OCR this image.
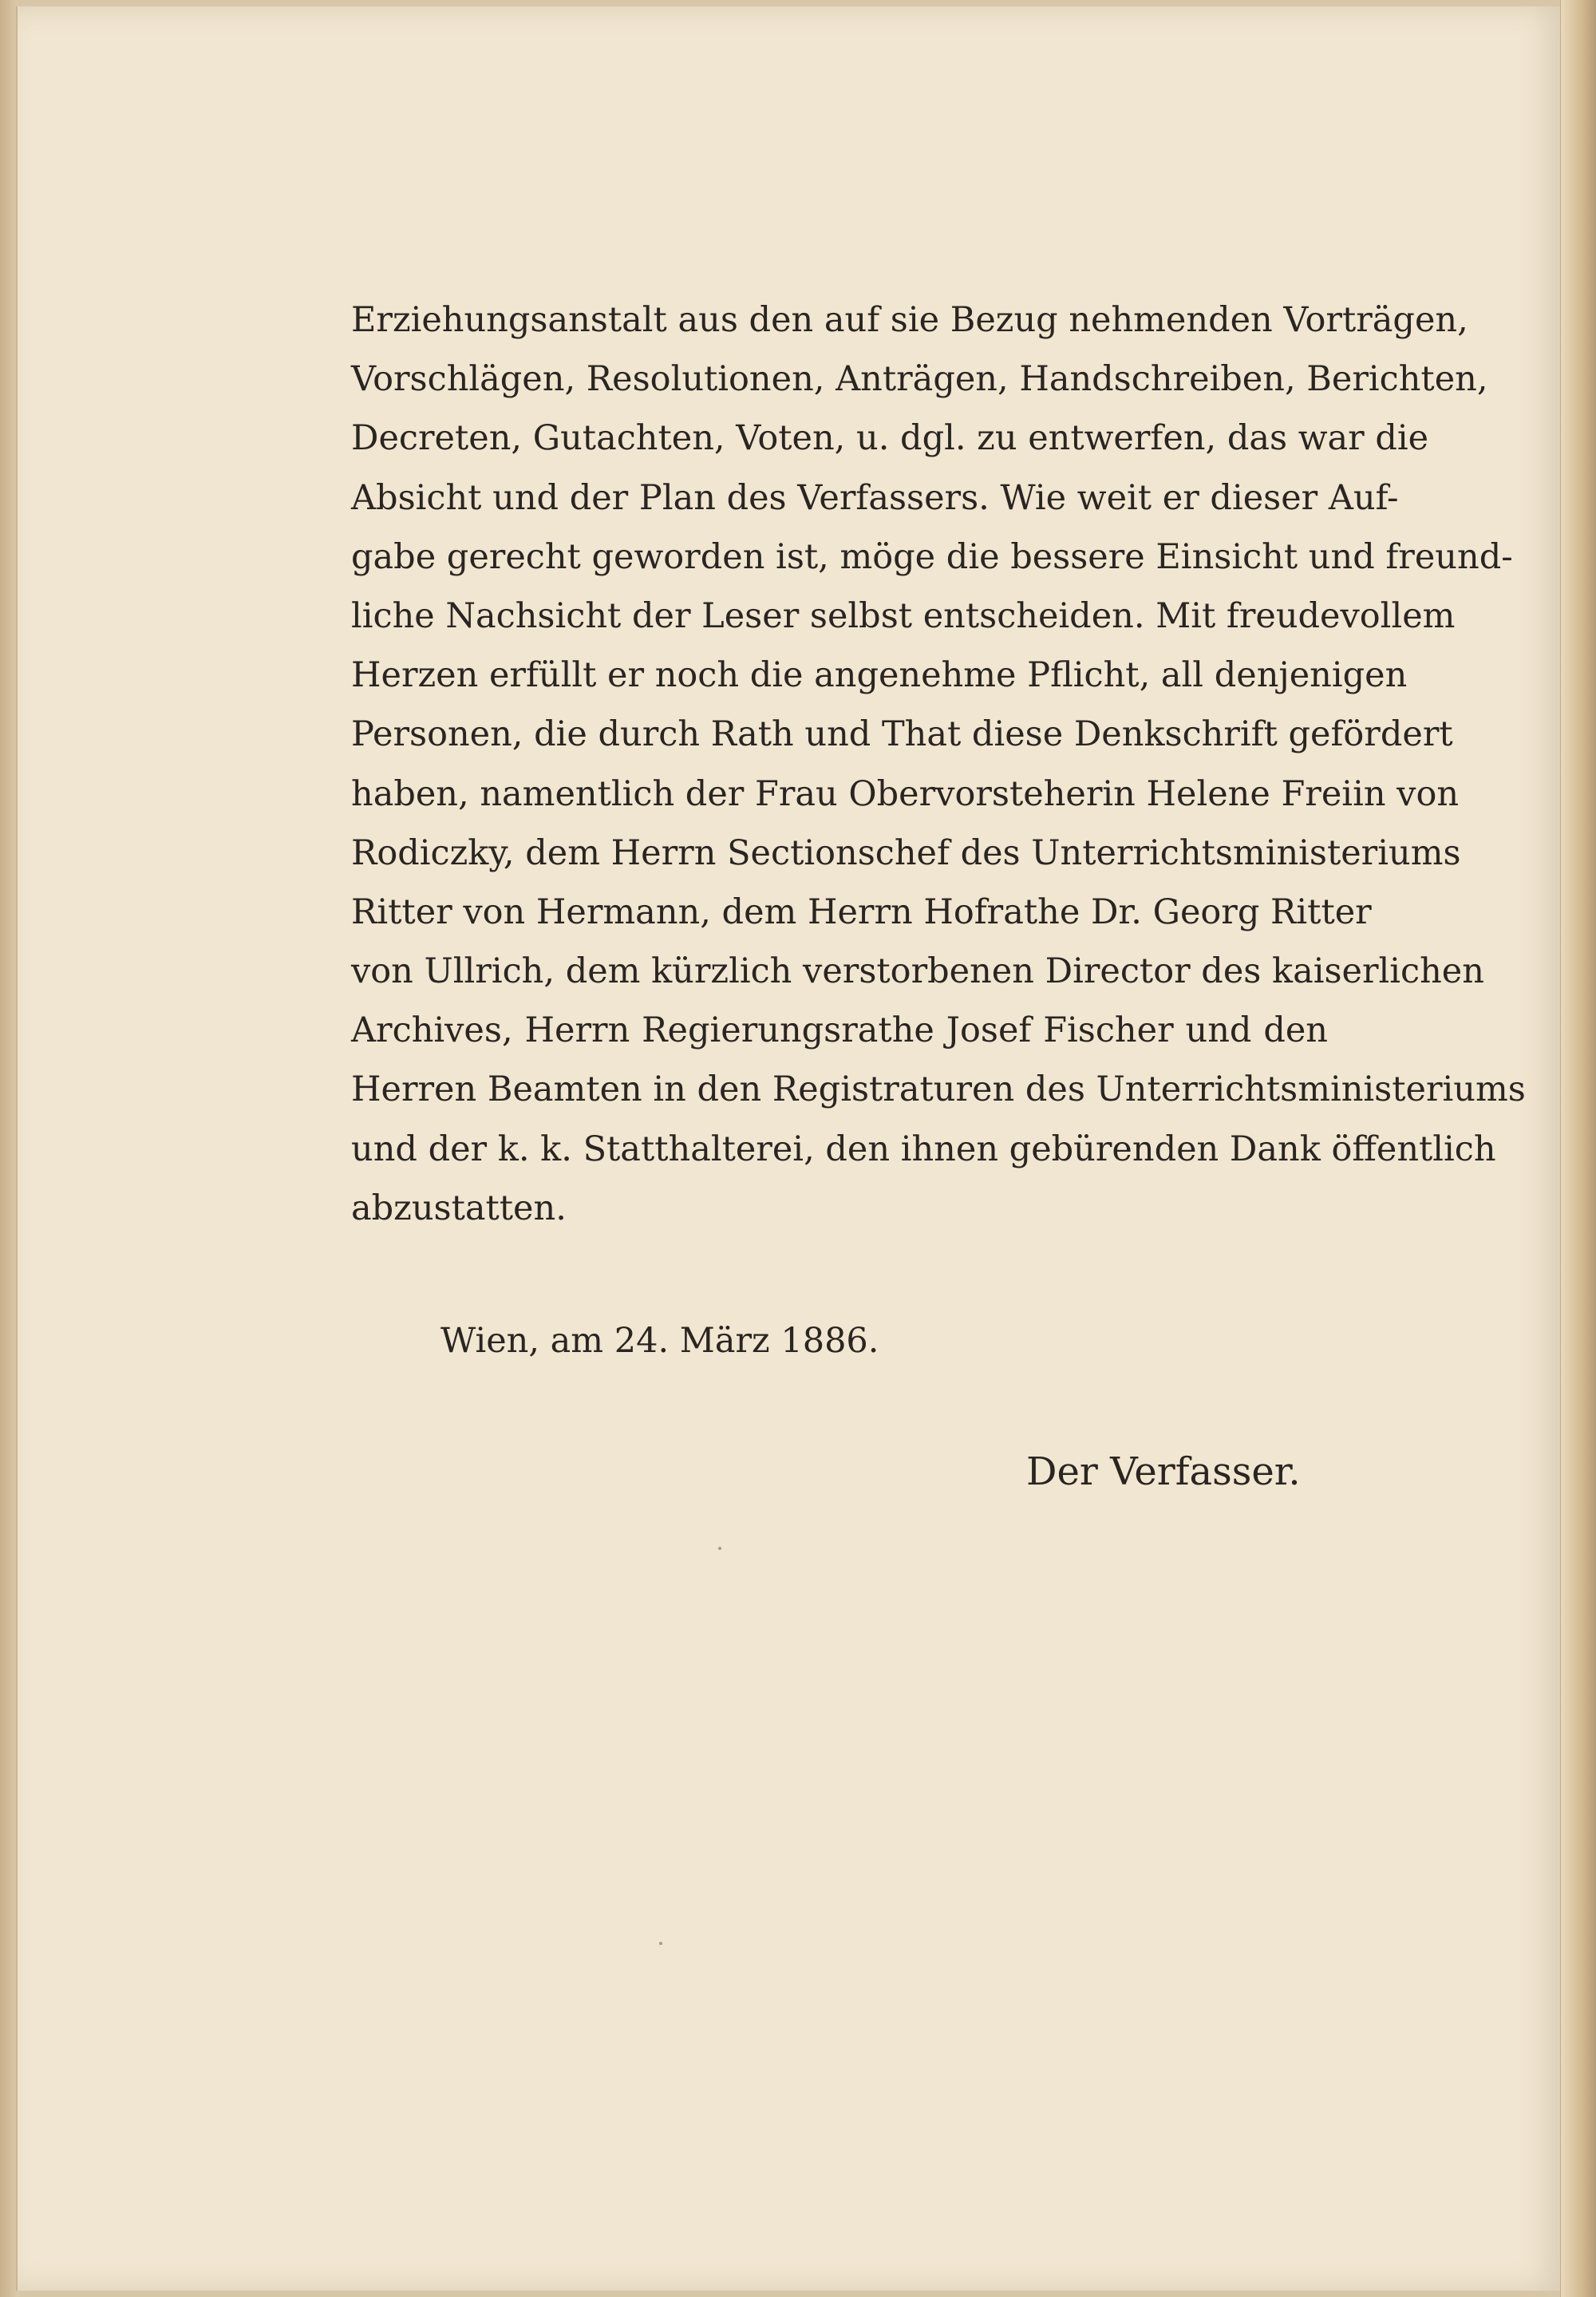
Erziehungsanstalt aus den auf sie Bezug nehmenden Vorträgen,
Vorschlägen, Resolutionen, Anträgen, Handschreiben, Berichten,
Decreten, Gutachten, Voten, u. dgl. zu entwerfen, das war die
Absicht und der Plan des Verfassers. Wie weit er dieser Auf-
gabe gerecht geworden ist, möge die bessere Einsicht und freund-
liche Nachsicht der Leser selbst entscheiden. Mit freudevollem
Herzen erfüllt er noch die angenehme Pflicht, all denjenigen
Personen, die durch Rath und That diese Denkschrift gefördert
haben, namentlich der Frau Obervorsteherin Helene Freiin von
Rodiczky, dem Herrn Sectionschef des Unterrichtsministeriums
Ritter von Hermann, dem Herrn Hofrathe Dr. Georg Ritter
von Ullrich, dem kürzlich verstorbenen Director des kaiserlichen
Archives, Herrn Regierungsrathe Josef Fischer und den
Herren Beamten in den Registraturen des Unterrichtsministeriums
und der k. k. Statthalterei, den ihnen gebürenden Dank öffentlich
abzustatten.
Wien, am 24. März 1886.
Der Verfasser.
